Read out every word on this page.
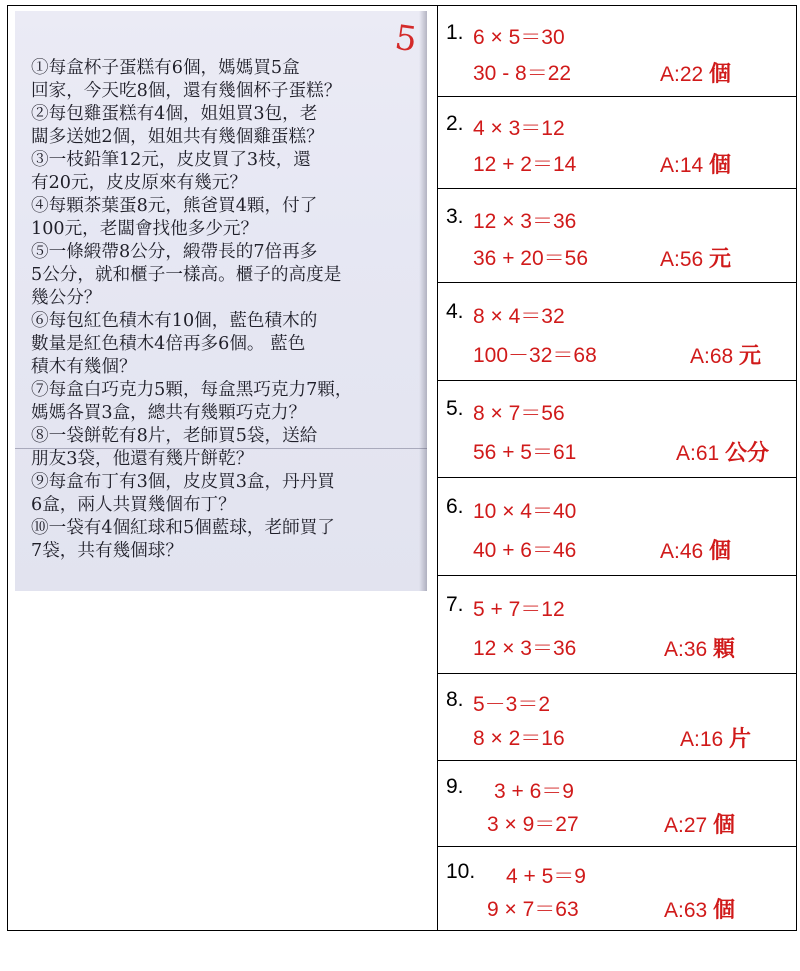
5
①每盒杯子蛋糕有6個，媽媽買5盒
回家，今天吃8個，還有幾個杯子蛋糕？
②每包雞蛋糕有4個，姐姐買3包，老
闆多送她2個，姐姐共有幾個雞蛋糕？
③一枝鉛筆12元，皮皮買了3枝，還
有20元，皮皮原來有幾元？
④每顆茶葉蛋8元，熊爸買4顆，付了
100元，老闆會找他多少元？
⑤一條緞帶8公分，緞帶長的7倍再多
5公分，就和櫃子一樣高。櫃子的高度是
幾公分？
⑥每包紅色積木有10個，藍色積木的
數量是紅色積木4倍再多6個。 藍色
積木有幾個？
⑦每盒白巧克力5顆，每盒黑巧克力7顆，
媽媽各買3盒，總共有幾顆巧克力？
⑧一袋餅乾有8片，老師買5袋，送給
朋友3袋，他還有幾片餅乾？
⑨每盒布丁有3個，皮皮買3盒，丹丹買
6盒，兩人共買幾個布丁？
⑩一袋有4個紅球和5個藍球，老師買了
7袋，共有幾個球？
1. 6 × 5＝30
30 - 8＝22	A:22 個
2. 4 × 3＝12
12 + 2＝14	A:14 個
3. 12 × 3＝36
36 + 20＝56	A:56 元
4. 8 × 4＝32
100－32＝68	A:68 元
5. 8 × 7＝56
56 + 5＝61	A:61 公分
6. 10 × 4＝40
40 + 6＝46	A:46 個
7. 5 + 7＝12
12 × 3＝36	A:36 顆
8. 5－3＝2
8 × 2＝16	A:16 片
9. 3 + 6＝9
3 × 9＝27	A:27 個
10. 4 + 5＝9
9 × 7＝63	A:63 個
